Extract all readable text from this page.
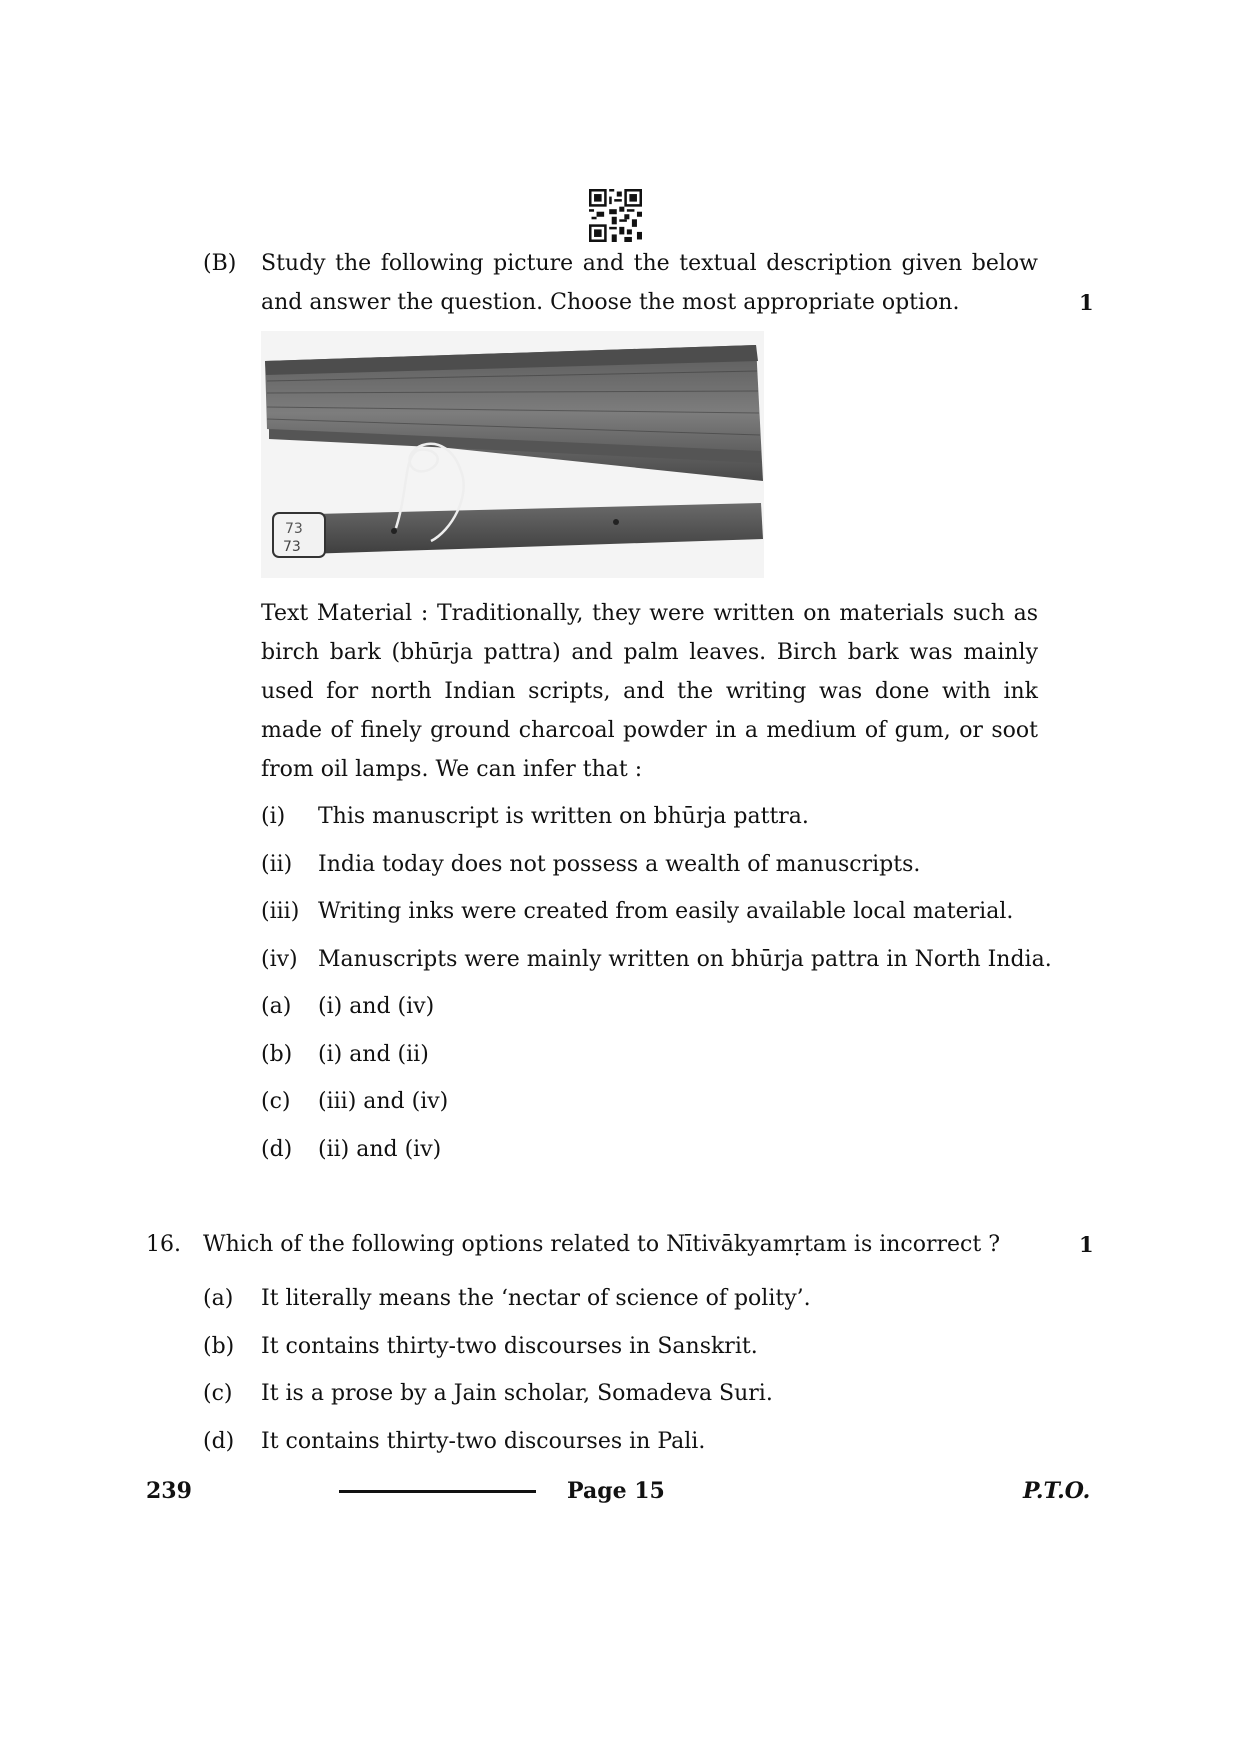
(B) Study the following picture and the textual description given below
and answer the question. Choose the most appropriate option.	1
73
73
Text Material : Traditionally, they were written on materials such as
birch bark (bhūrja pattra) and palm leaves. Birch bark was mainly
used for north Indian scripts, and the writing was done with ink
made of finely ground charcoal powder in a medium of gum, or soot
from oil lamps. We can infer that :
(i) This manuscript is written on bhūrja pattra.
(ii) India today does not possess a wealth of manuscripts.
(iii) Writing inks were created from easily available local material.
(iv) Manuscripts were mainly written on bhūrja pattra in North India.
(a) (i) and (iv)
(b) (i) and (ii)
(c) (iii) and (iv)
(d) (ii) and (iv)
16. Which of the following options related to Nītivākyamṛtam is incorrect ?	1
(a) It literally means the ‘nectar of science of polity’.
(b) It contains thirty-two discourses in Sanskrit.
(c) It is a prose by a Jain scholar, Somadeva Suri.
(d) It contains thirty-two discourses in Pali.
239	Page 15	P.T.O.
